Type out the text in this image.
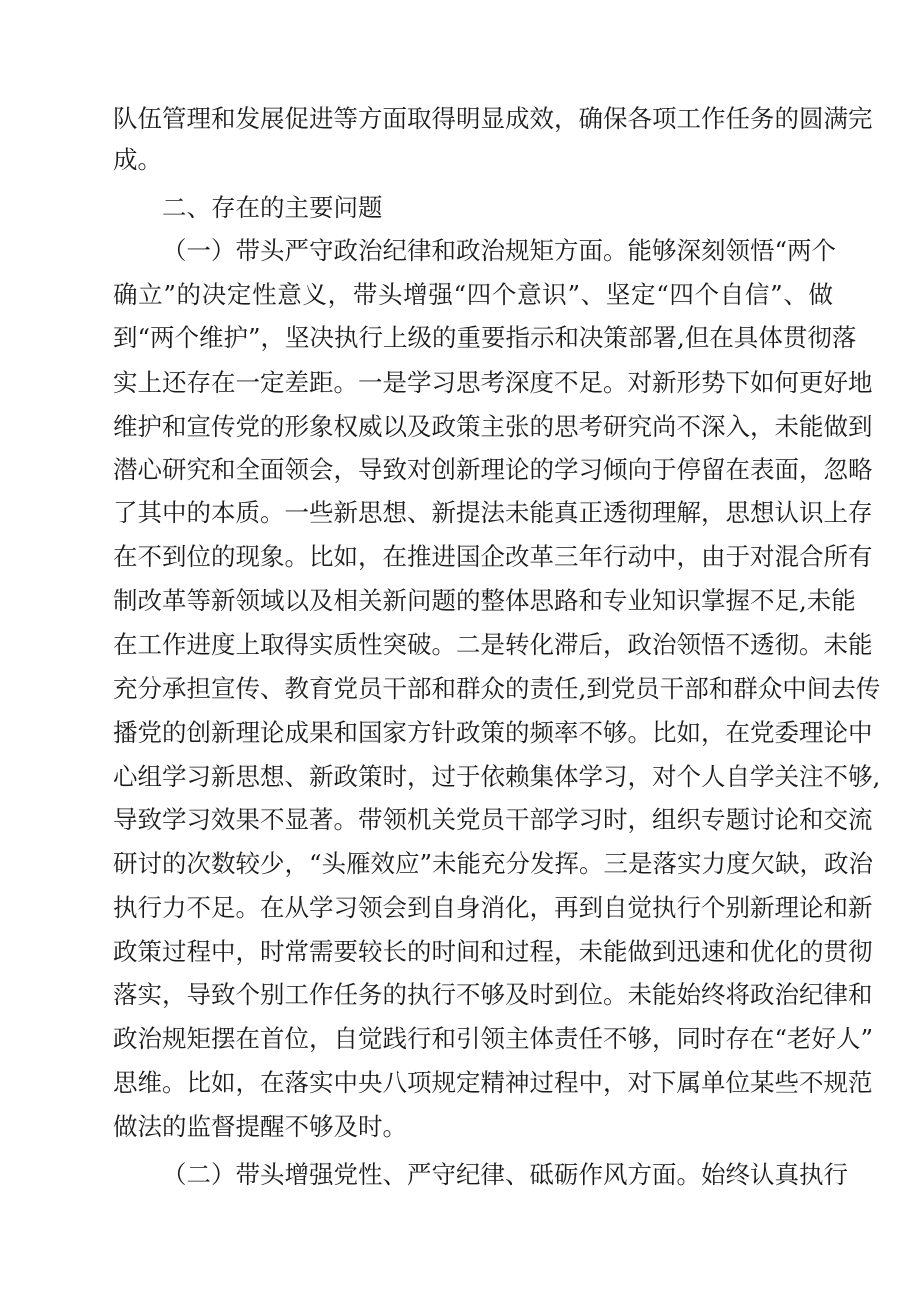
队伍管理和发展促进等方面取得明显成效，确保各项工作任务的圆满完
成。
二、存在的主要问题
（一）带头严守政治纪律和政治规矩方面。能够深刻领悟“两个
确立”的决定性意义，带头增强“四个意识”、坚定“四个自信”、做
到“两个维护”，坚决执行上级的重要指示和决策部署,但在具体贯彻落
实上还存在一定差距。一是学习思考深度不足。对新形势下如何更好地
维护和宣传党的形象权威以及政策主张的思考研究尚不深入，未能做到
潜心研究和全面领会，导致对创新理论的学习倾向于停留在表面，忽略
了其中的本质。一些新思想、新提法未能真正透彻理解，思想认识上存
在不到位的现象。比如，在推进国企改革三年行动中，由于对混合所有
制改革等新领域以及相关新问题的整体思路和专业知识掌握不足,未能
在工作进度上取得实质性突破。二是转化滞后，政治领悟不透彻。未能
充分承担宣传、教育党员干部和群众的责任,到党员干部和群众中间去传
播党的创新理论成果和国家方针政策的频率不够。比如，在党委理论中
心组学习新思想、新政策时，过于依赖集体学习，对个人自学关注不够,
导致学习效果不显著。带领机关党员干部学习时，组织专题讨论和交流
研讨的次数较少，“头雁效应”未能充分发挥。三是落实力度欠缺，政治
执行力不足。在从学习领会到自身消化，再到自觉执行个别新理论和新
政策过程中，时常需要较长的时间和过程，未能做到迅速和优化的贯彻
落实，导致个别工作任务的执行不够及时到位。未能始终将政治纪律和
政治规矩摆在首位，自觉践行和引领主体责任不够，同时存在“老好人”
思维。比如，在落实中央八项规定精神过程中，对下属单位某些不规范
做法的监督提醒不够及时。
（二）带头增强党性、严守纪律、砥砺作风方面。始终认真执行
